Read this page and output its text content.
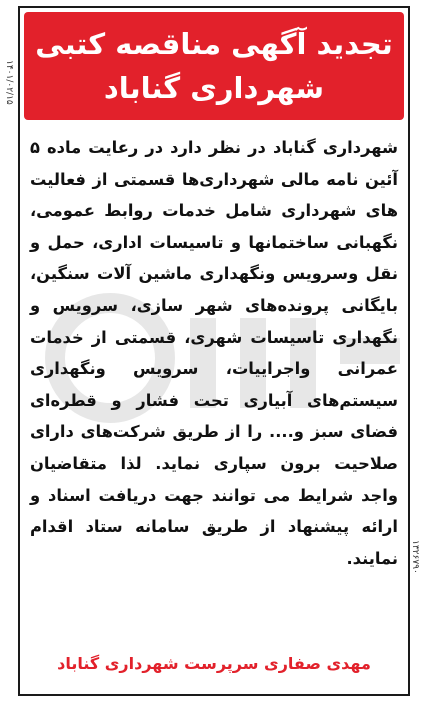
۱۴۰۱/۰۲/۱۵
تجدید آگهی مناقصه کتبی
شهرداری گناباد
شهرداری گناباد در نظر دارد در رعایت ماده ۵ آئین نامه مالی شهرداری‌ها قسمتی از فعالیت های شهرداری شامل خدمات روابط عمومی، نگهبانی ساختمانها و تاسیسات اداری، حمل و نقل وسرویس ونگهداری ماشین آلات سنگین، بایگانی پرونده‌های شهر سازی، سرویس و نگهداری تاسیسات شهری، قسمتی از خدمات عمرانی واجراییات، سرویس ونگهداری سیستم‌های آبیاری تحت فشار و قطره‌ای فضای سبز و.... را از طریق شرکت‌های دارای صلاحیت برون سپاری نماید. لذا متقاضیان واجد شرایط می توانند جهت دریافت اسناد و ارائه پیشنهاد از طریق سامانه ستاد اقدام نمایند.
مهدی صفاری سرپرست شهرداری گناباد
۱۳۲۶۷۹۰
